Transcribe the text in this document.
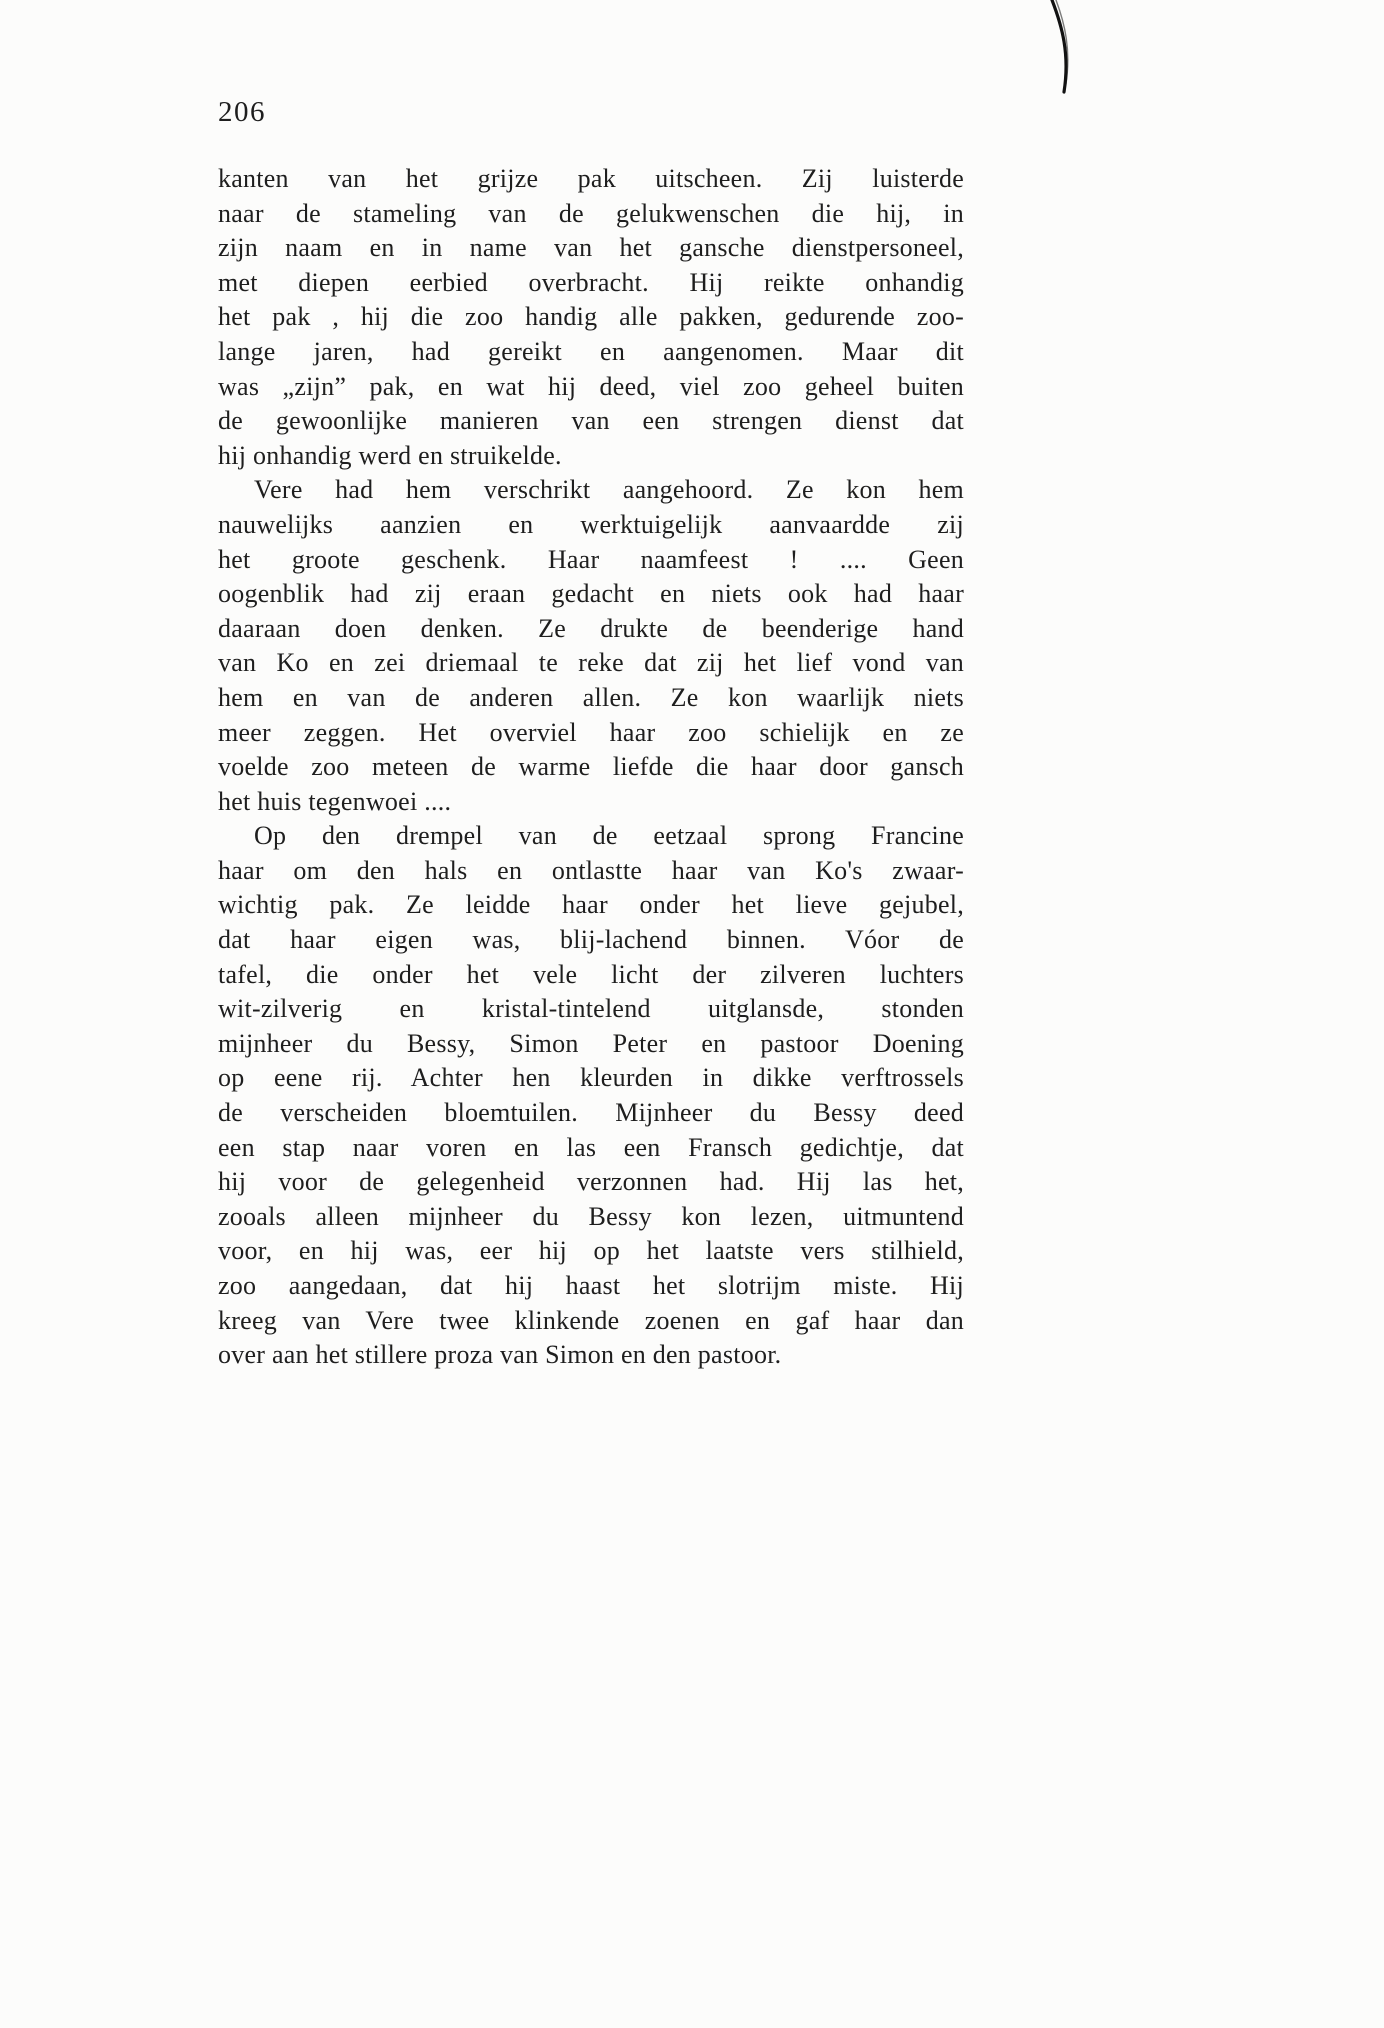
206
kanten van het grijze pak uitscheen. Zij luisterde
naar de stameling van de gelukwenschen die hij, in
zijn naam en in name van het gansche dienstpersoneel,
met diepen eerbied overbracht. Hij reikte onhandig
het pak , hij die zoo handig alle pakken, gedurende zoo-
lange jaren, had gereikt en aangenomen. Maar dit
was „zijn” pak, en wat hij deed, viel zoo geheel buiten
de gewoonlijke manieren van een strengen dienst dat
hij onhandig werd en struikelde.
Vere had hem verschrikt aangehoord. Ze kon hem
nauwelijks aanzien en werktuigelijk aanvaardde zij
het groote geschenk. Haar naamfeest ! .... Geen
oogenblik had zij eraan gedacht en niets ook had haar
daaraan doen denken. Ze drukte de beenderige hand
van Ko en zei driemaal te reke dat zij het lief vond van
hem en van de anderen allen. Ze kon waarlijk niets
meer zeggen. Het overviel haar zoo schielijk en ze
voelde zoo meteen de warme liefde die haar door gansch
het huis tegenwoei ....
Op den drempel van de eetzaal sprong Francine
haar om den hals en ontlastte haar van Ko's zwaar-
wichtig pak. Ze leidde haar onder het lieve gejubel,
dat haar eigen was, blij-lachend binnen. Vóor de
tafel, die onder het vele licht der zilveren luchters
wit-zilverig en kristal-tintelend uitglansde, stonden
mijnheer du Bessy, Simon Peter en pastoor Doening
op eene rij. Achter hen kleurden in dikke verftrossels
de verscheiden bloemtuilen. Mijnheer du Bessy deed
een stap naar voren en las een Fransch gedichtje, dat
hij voor de gelegenheid verzonnen had. Hij las het,
zooals alleen mijnheer du Bessy kon lezen, uitmuntend
voor, en hij was, eer hij op het laatste vers stilhield,
zoo aangedaan, dat hij haast het slotrijm miste. Hij
kreeg van Vere twee klinkende zoenen en gaf haar dan
over aan het stillere proza van Simon en den pastoor.
